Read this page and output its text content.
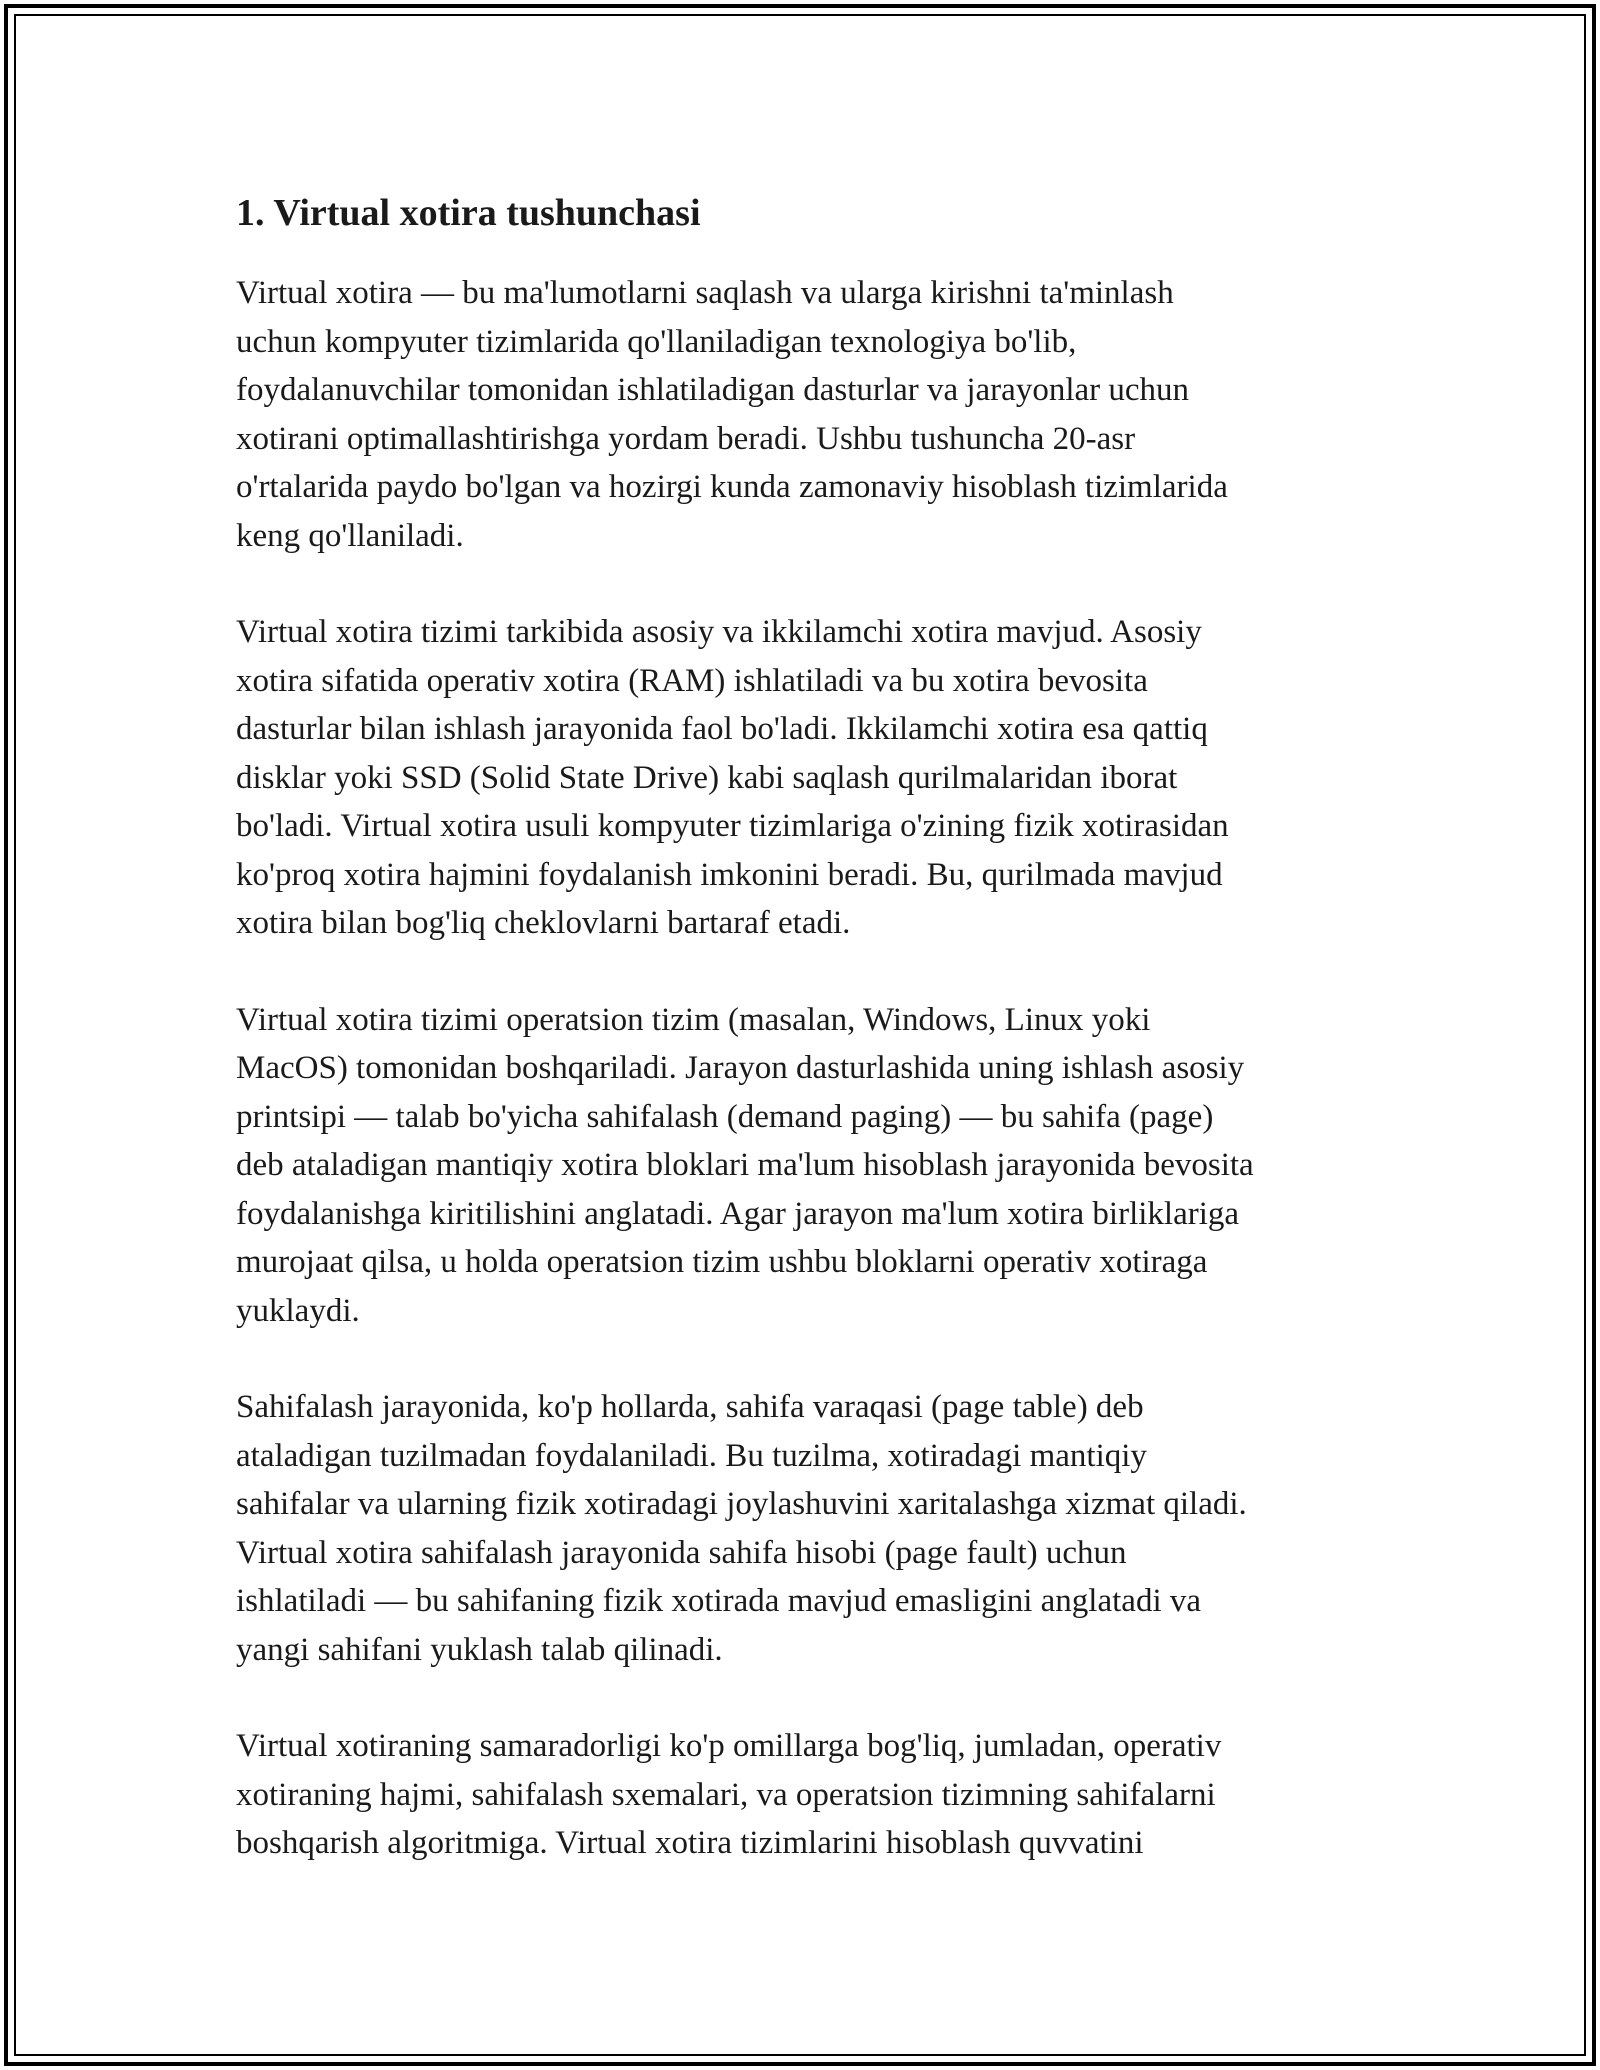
1. Virtual xotira tushunchasi

Virtual xotira — bu ma'lumotlarni saqlash va ularga kirishni ta'minlash
uchun kompyuter tizimlarida qo'llaniladigan texnologiya bo'lib,
foydalanuvchilar tomonidan ishlatiladigan dasturlar va jarayonlar uchun
xotirani optimallashtirishga yordam beradi. Ushbu tushuncha 20-asr
o'rtalarida paydo bo'lgan va hozirgi kunda zamonaviy hisoblash tizimlarida
keng qo'llaniladi.

Virtual xotira tizimi tarkibida asosiy va ikkilamchi xotira mavjud. Asosiy
xotira sifatida operativ xotira (RAM) ishlatiladi va bu xotira bevosita
dasturlar bilan ishlash jarayonida faol bo'ladi. Ikkilamchi xotira esa qattiq
disklar yoki SSD (Solid State Drive) kabi saqlash qurilmalaridan iborat
bo'ladi. Virtual xotira usuli kompyuter tizimlariga o'zining fizik xotirasidan
ko'proq xotira hajmini foydalanish imkonini beradi. Bu, qurilmada mavjud
xotira bilan bog'liq cheklovlarni bartaraf etadi.

Virtual xotira tizimi operatsion tizim (masalan, Windows, Linux yoki
MacOS) tomonidan boshqariladi. Jarayon dasturlashida uning ishlash asosiy
printsipi — talab bo'yicha sahifalash (demand paging) — bu sahifa (page)
deb ataladigan mantiqiy xotira bloklari ma'lum hisoblash jarayonida bevosita
foydalanishga kiritilishini anglatadi. Agar jarayon ma'lum xotira birliklariga
murojaat qilsa, u holda operatsion tizim ushbu bloklarni operativ xotiraga
yuklaydi.

Sahifalash jarayonida, ko'p hollarda, sahifa varaqasi (page table) deb
ataladigan tuzilmadan foydalaniladi. Bu tuzilma, xotiradagi mantiqiy
sahifalar va ularning fizik xotiradagi joylashuvini xaritalashga xizmat qiladi.
Virtual xotira sahifalash jarayonida sahifa hisobi (page fault) uchun
ishlatiladi — bu sahifaning fizik xotirada mavjud emasligini anglatadi va
yangi sahifani yuklash talab qilinadi.

Virtual xotiraning samaradorligi ko'p omillarga bog'liq, jumladan, operativ
xotiraning hajmi, sahifalash sxemalari, va operatsion tizimning sahifalarni
boshqarish algoritmiga. Virtual xotira tizimlarini hisoblash quvvatini
